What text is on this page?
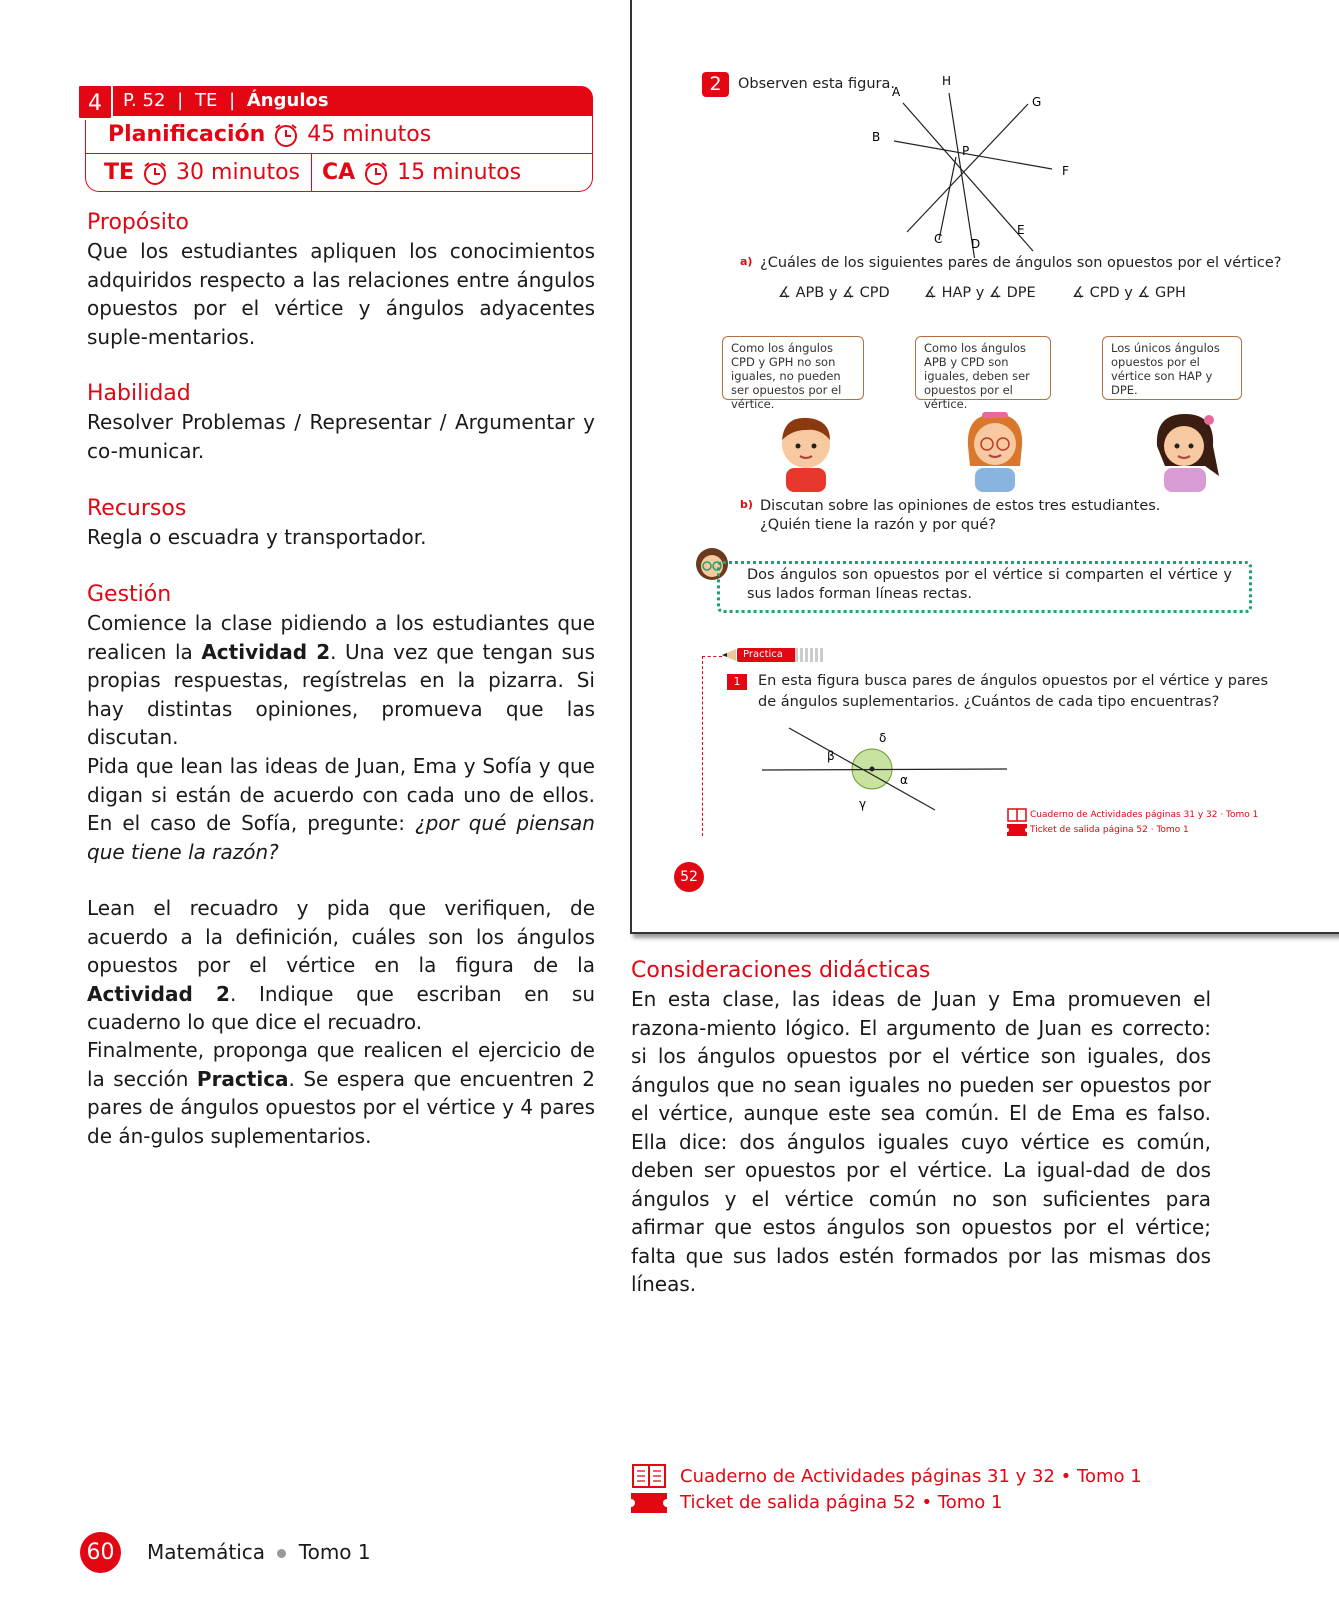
4	P. 52 | TE | Ángulos
Planificación 45 minutos
TE 30 minutos CA 15 minutos
Propósito
Que los estudiantes apliquen los conocimientos adquiridos respecto a las relaciones entre ángulos opuestos por el vértice y ángulos adyacentes suple-mentarios.
Habilidad
Resolver Problemas / Representar / Argumentar y co-municar.
Recursos
Regla o escuadra y transportador.
Gestión
Comience la clase pidiendo a los estudiantes que realicen la Actividad 2. Una vez que tengan sus propias respuestas, regístrelas en la pizarra. Si hay distintas opiniones, promueva que las discutan.
Pida que lean las ideas de Juan, Ema y Sofía y que digan si están de acuerdo con cada uno de ellos. En el caso de Sofía, pregunte: ¿por qué piensan que tiene la razón?
Lean el recuadro y pida que verifiquen, de acuerdo a la definición, cuáles son los ángulos opuestos por el vértice en la figura de la Actividad 2. Indique que escriban en su cuaderno lo que dice el recuadro.
Finalmente, proponga que realicen el ejercicio de la sección Practica. Se espera que encuentren 2 pares de ángulos opuestos por el vértice y 4 pares de án-gulos suplementarios.
2	Observen esta figura.
A
H
G
B
P
F
C D
E
a) ¿Cuáles de los siguientes pares de ángulos son opuestos por el vértice?
∡ APB y ∡ CPD ∡ HAP y ∡ DPE	∡ CPD y ∡ GPH
Como los ángulos CPD y GPH no son iguales, no pueden ser opuestos por el vértice.
Como los ángulos APB y CPD son iguales, deben ser opuestos por el vértice.
Los únicos ángulos opuestos por el vértice son HAP y DPE.
b) Discutan sobre las opiniones de estos tres estudiantes.
¿Quién tiene la razón y por qué?
Dos ángulos son opuestos por el vértice si comparten el vértice y sus lados forman líneas rectas.
Practica
1	En esta figura busca pares de ángulos opuestos por el vértice y pares de ángulos suplementarios. ¿Cuántos de cada tipo encuentras?
δ
β
α
γ
Cuaderno de Actividades páginas 31 y 32 · Tomo 1
Ticket de salida página 52 · Tomo 1
52
Consideraciones didácticas
En esta clase, las ideas de Juan y Ema promueven el razona-miento lógico. El argumento de Juan es correcto: si los ángulos opuestos por el vértice son iguales, dos ángulos que no sean iguales no pueden ser opuestos por el vértice, aunque este sea común. El de Ema es falso. Ella dice: dos ángulos iguales cuyo vértice es común, deben ser opuestos por el vértice. La igual-dad de dos ángulos y el vértice común no son suficientes para afirmar que estos ángulos son opuestos por el vértice; falta que sus lados estén formados por las mismas dos líneas.
Cuaderno de Actividades páginas 31 y 32 • Tomo 1
Ticket de salida página 52 • Tomo 1
60	Matemática Tomo 1
